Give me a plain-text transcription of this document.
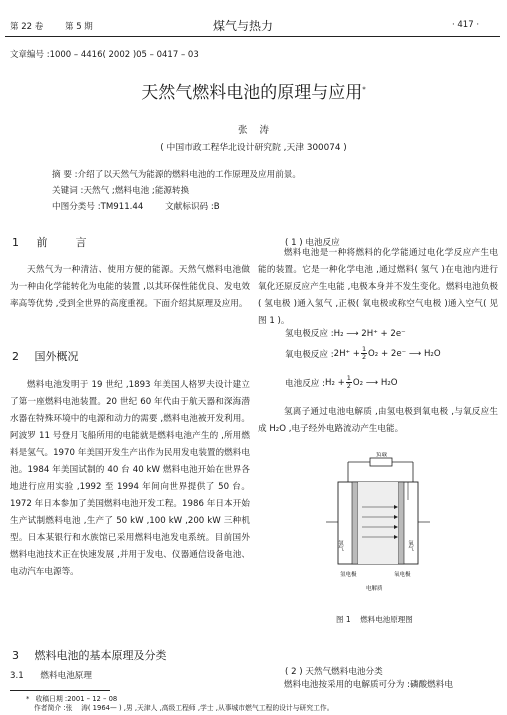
第 22 卷	第 5 期	煤气与热力	· 417 ·
文章编号 :1000 – 4416( 2002 )05 – 0417 – 03
天然气燃料电池的原理与应用*
张    涛
( 中国市政工程华北设计研究院 ,天津 300074 )
摘 要 :介绍了以天然气为能源的燃料电池的工作原理及应用前景。
关键词 :天然气 ;燃料电池 ;能源转换
中图分类号 :TM911.44        文献标识码 :B
1 前        言
天然气为一种清洁、使用方便的能源。天然气燃料电池做为一种由化学能转化为电能的装置 ,以其环保性能优良、发电效率高等优势 ,受到全世界的高度重视。下面介绍其原理及应用。
2 国外概况
燃料电池发明于 19 世纪 ,1893 年美国人格罗夫设计建立了第一座燃料电池装置。20 世纪 60 年代由于航天器和深海潜水器在特殊环境中的电源和动力的需要 ,燃料电池被开发利用。阿波罗 11 号登月飞船所用的电能就是燃料电池产生的 ,所用燃料是氢气。1970 年美国开发生产出作为民用发电装置的燃料电池。1984 年美国试制的 40 台 40 kW 燃料电池开始在世界各地进行应用实验 ,1992 至 1994 年间向世界提供了 50 台。1972 年日本参加了美国燃料电池开发工程。1986 年日本开始生产试制燃料电池 ,生产了 50 kW ,100 kW ,200 kW 三种机型。日本某银行和水族馆已采用燃料电池发电系统。目前国外燃料电池技术正在快速发展 ,并用于发电、仪器通信设备电池、电动汽车电源等。
3 燃料电池的基本原理及分类
3.1 燃料电池原理
( 1 ) 电池反应
燃料电池是一种将燃料的化学能通过电化学反应产生电能的装置。它是一种化学电池 ,通过燃料( 氢气 )在电池内进行氧化还原反应产生电能 ,电极本身并不发生变化。燃料电池负极( 氢电极 )通入氢气 ,正极( 氧电极或称空气电极 )通入空气( 见图 1 )。
氢电极反应 :H₂ ⟶ 2H⁺ + 2e⁻
氧电极反应 : $2H^+ + \frac{1}{2} O_2 + 2e^-$ ⟶ H₂O
电池反应 : $H_2 + \frac{1}{2} O_2$ ⟶ H₂O
氢离子通过电池电解质 ,由氢电极到氧电极 ,与氧反应生成 H₂O ,电子经外电路流动产生电能。
负载
氢气	氧气
氢电极	氧电极
电解质
图 1    燃料电池原理图
( 2 ) 天然气燃料电池分类
燃料电池按采用的电解质可分为 :磷酸燃料电
* 收稿日期 :2001 – 12 – 08
作者简介 :张    涛( 1964— ) ,男 ,天津人 ,高级工程师 ,学士 ,从事城市燃气工程的设计与研究工作。
